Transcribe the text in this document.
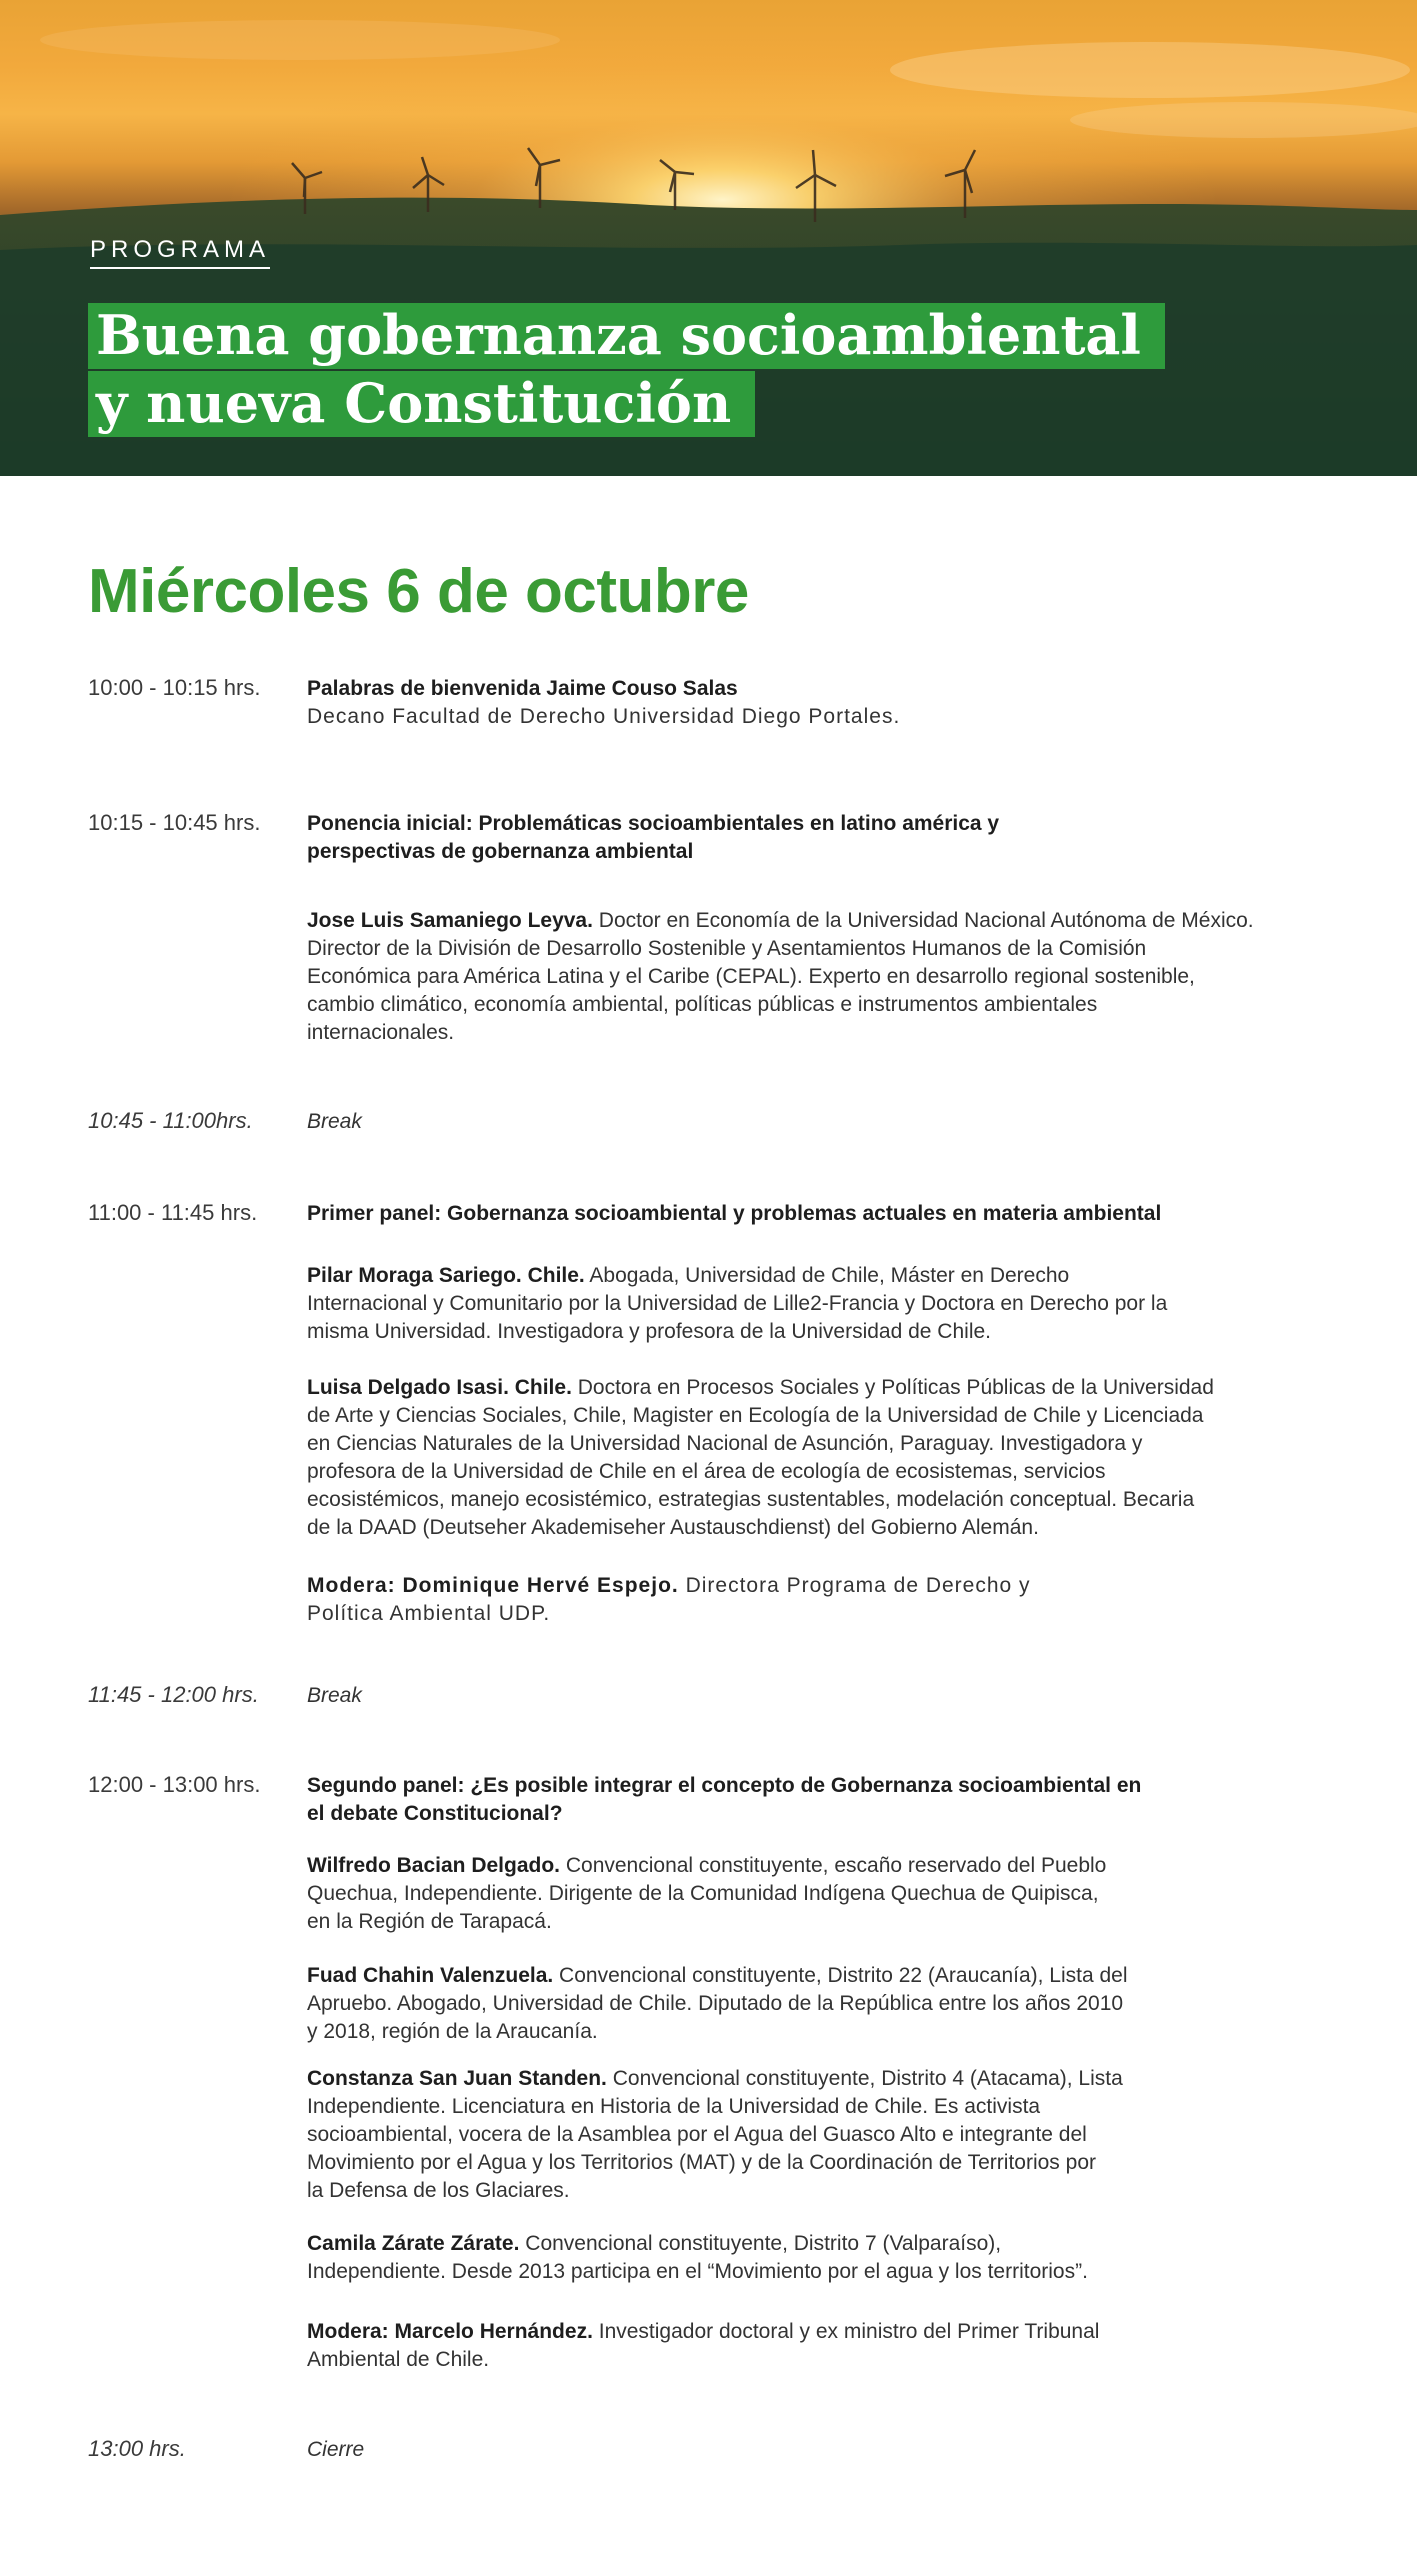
PROGRAMA
Buena gobernanza socioambiental
y nueva Constitución
Miércoles 6 de octubre
10:00 - 10:15 hrs. Palabras de bienvenida Jaime Couso Salas
Decano Facultad de Derecho Universidad Diego Portales.
10:15 - 10:45 hrs. Ponencia inicial: Problemáticas socioambientales en latino américa y
perspectivas de gobernanza ambiental
Jose Luis Samaniego Leyva. Doctor en Economía de la Universidad Nacional Autónoma de México.
Director de la División de Desarrollo Sostenible y Asentamientos Humanos de la Comisión
Económica para América Latina y el Caribe (CEPAL). Experto en desarrollo regional sostenible,
cambio climático, economía ambiental, políticas públicas e instrumentos ambientales
internacionales.
10:45 - 11:00hrs.	Break
11:00 - 11:45 hrs. Primer panel: Gobernanza socioambiental y problemas actuales en materia ambiental
Pilar Moraga Sariego. Chile. Abogada, Universidad de Chile, Máster en Derecho
Internacional y Comunitario por la Universidad de Lille2-Francia y Doctora en Derecho por la
misma Universidad. Investigadora y profesora de la Universidad de Chile.
Luisa Delgado Isasi. Chile. Doctora en Procesos Sociales y Políticas Públicas de la Universidad
de Arte y Ciencias Sociales, Chile, Magister en Ecología de la Universidad de Chile y Licenciada
en Ciencias Naturales de la Universidad Nacional de Asunción, Paraguay. Investigadora y
profesora de la Universidad de Chile en el área de ecología de ecosistemas, servicios
ecosistémicos, manejo ecosistémico, estrategias sustentables, modelación conceptual. Becaria
de la DAAD (Deutseher Akademiseher Austauschdienst) del Gobierno Alemán.
Modera: Dominique Hervé Espejo. Directora Programa de Derecho y
Política Ambiental UDP.
11:45 - 12:00 hrs. Break
12:00 - 13:00 hrs. Segundo panel: ¿Es posible integrar el concepto de Gobernanza socioambiental en
el debate Constitucional?
Wilfredo Bacian Delgado. Convencional constituyente, escaño reservado del Pueblo
Quechua, Independiente. Dirigente de la Comunidad Indígena Quechua de Quipisca,
en la Región de Tarapacá.
Fuad Chahin Valenzuela. Convencional constituyente, Distrito 22 (Araucanía), Lista del
Apruebo. Abogado, Universidad de Chile. Diputado de la República entre los años 2010
y 2018, región de la Araucanía.
Constanza San Juan Standen. Convencional constituyente, Distrito 4 (Atacama), Lista
Independiente. Licenciatura en Historia de la Universidad de Chile. Es activista
socioambiental, vocera de la Asamblea por el Agua del Guasco Alto e integrante del
Movimiento por el Agua y los Territorios (MAT) y de la Coordinación de Territorios por
la Defensa de los Glaciares.
Camila Zárate Zárate. Convencional constituyente, Distrito 7 (Valparaíso),
Independiente. Desde 2013 participa en el “Movimiento por el agua y los territorios”.
Modera: Marcelo Hernández. Investigador doctoral y ex ministro del Primer Tribunal
Ambiental de Chile.
13:00 hrs.	Cierre
